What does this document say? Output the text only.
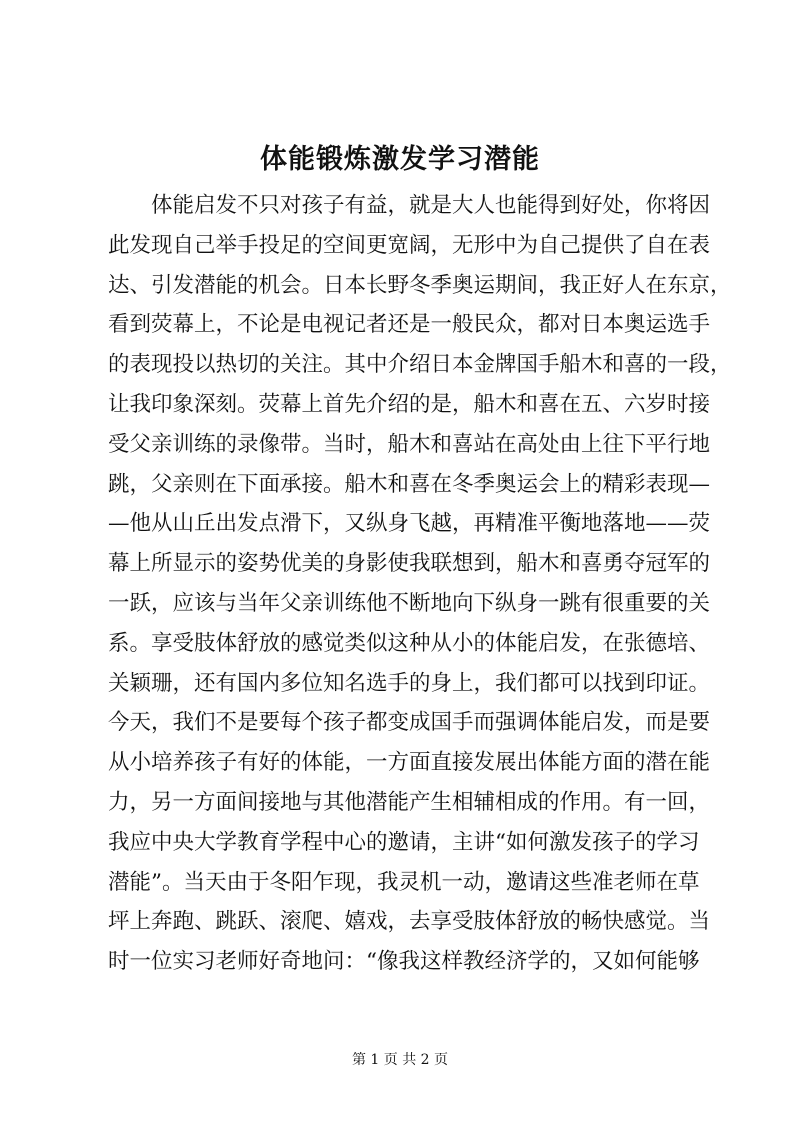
体能锻炼激发学习潜能
体能启发不只对孩子有益，就是大人也能得到好处，你将因
此发现自己举手投足的空间更宽阔，无形中为自己提供了自在表
达、引发潜能的机会。日本长野冬季奥运期间，我正好人在东京，
看到荧幕上，不论是电视记者还是一般民众，都对日本奥运选手
的表现投以热切的关注。其中介绍日本金牌国手船木和喜的一段，
让我印象深刻。荧幕上首先介绍的是，船木和喜在五、六岁时接
受父亲训练的录像带。当时，船木和喜站在高处由上往下平行地
跳，父亲则在下面承接。船木和喜在冬季奥运会上的精彩表现—
—他从山丘出发点滑下，又纵身飞越，再精准平衡地落地——荧
幕上所显示的姿势优美的身影使我联想到，船木和喜勇夺冠军的
一跃，应该与当年父亲训练他不断地向下纵身一跳有很重要的关
系。享受肢体舒放的感觉类似这种从小的体能启发，在张德培、
关颖珊，还有国内多位知名选手的身上，我们都可以找到印证。
今天，我们不是要每个孩子都变成国手而强调体能启发，而是要
从小培养孩子有好的体能，一方面直接发展出体能方面的潜在能
力，另一方面间接地与其他潜能产生相辅相成的作用。有一回，
我应中央大学教育学程中心的邀请，主讲“如何激发孩子的学习
潜能”。当天由于冬阳乍现，我灵机一动，邀请这些准老师在草
坪上奔跑、跳跃、滚爬、嬉戏，去享受肢体舒放的畅快感觉。当
时一位实习老师好奇地问：“像我这样教经济学的，又如何能够
第 1 页 共 2 页
